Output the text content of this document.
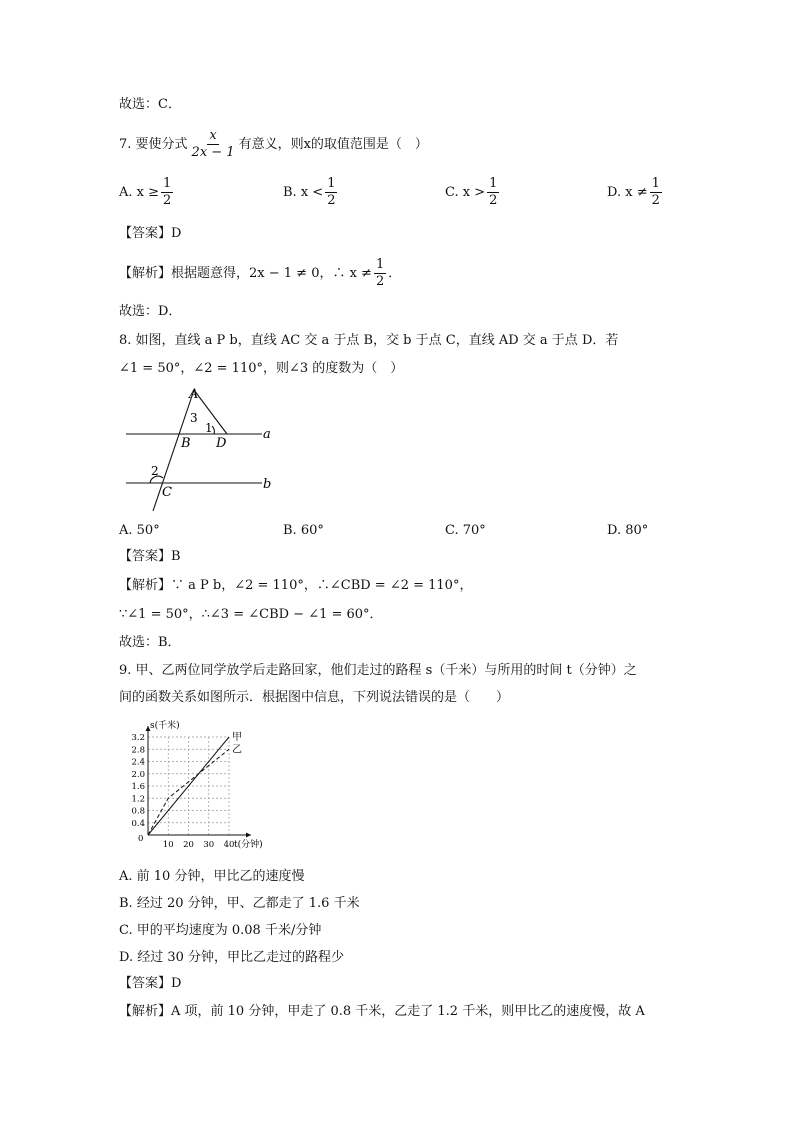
故选：C．
7. 要使分式 $\frac{x}{2x - 1}$ 有意义，则x的取值范围是（　）
A. $x \ge \frac{1}{2}$	B. $x < \frac{1}{2}$	C. $x > \frac{1}{2}$	D. $x \ne \frac{1}{2}$
【答案】D
【解析】根据题意得，2x − 1 ≠ 0，∴ $x \ne \frac{1}{2}$ ．
故选：D．
8. 如图，直线 a P b，直线 AC 交 a 于点 B，交 b 于点 C，直线 AD 交 a 于点 D．若
∠1 = 50°，∠2 = 110°，则∠3 的度数为（　）
A
3
1
B D
a
2
C
b
A. 50°	B. 60°	C. 70°	D. 80°
【答案】B
【解析】∵ a P b，∠2 = 110°，∴∠CBD = ∠2 = 110°，
∵∠1 = 50°，∴∠3 = ∠CBD − ∠1 = 60°．
故选：B．
9. 甲、乙两位同学放学后走路回家，他们走过的路程 s（千米）与所用的时间 t（分钟）之
间的函数关系如图所示．根据图中信息，下列说法错误的是（　　）
甲
乙
10 20 30 40
0.4
0.8
1.2
1.6
2.0
2.4
2.8
3.2
0
s(千米)
t(分钟)
A. 前 10 分钟，甲比乙的速度慢
B. 经过 20 分钟，甲、乙都走了 1.6 千米
C. 甲的平均速度为 0.08 千米/分钟
D. 经过 30 分钟，甲比乙走过的路程少
【答案】D
【解析】A 项，前 10 分钟，甲走了 0.8 千米，乙走了 1.2 千米，则甲比乙的速度慢，故 A
